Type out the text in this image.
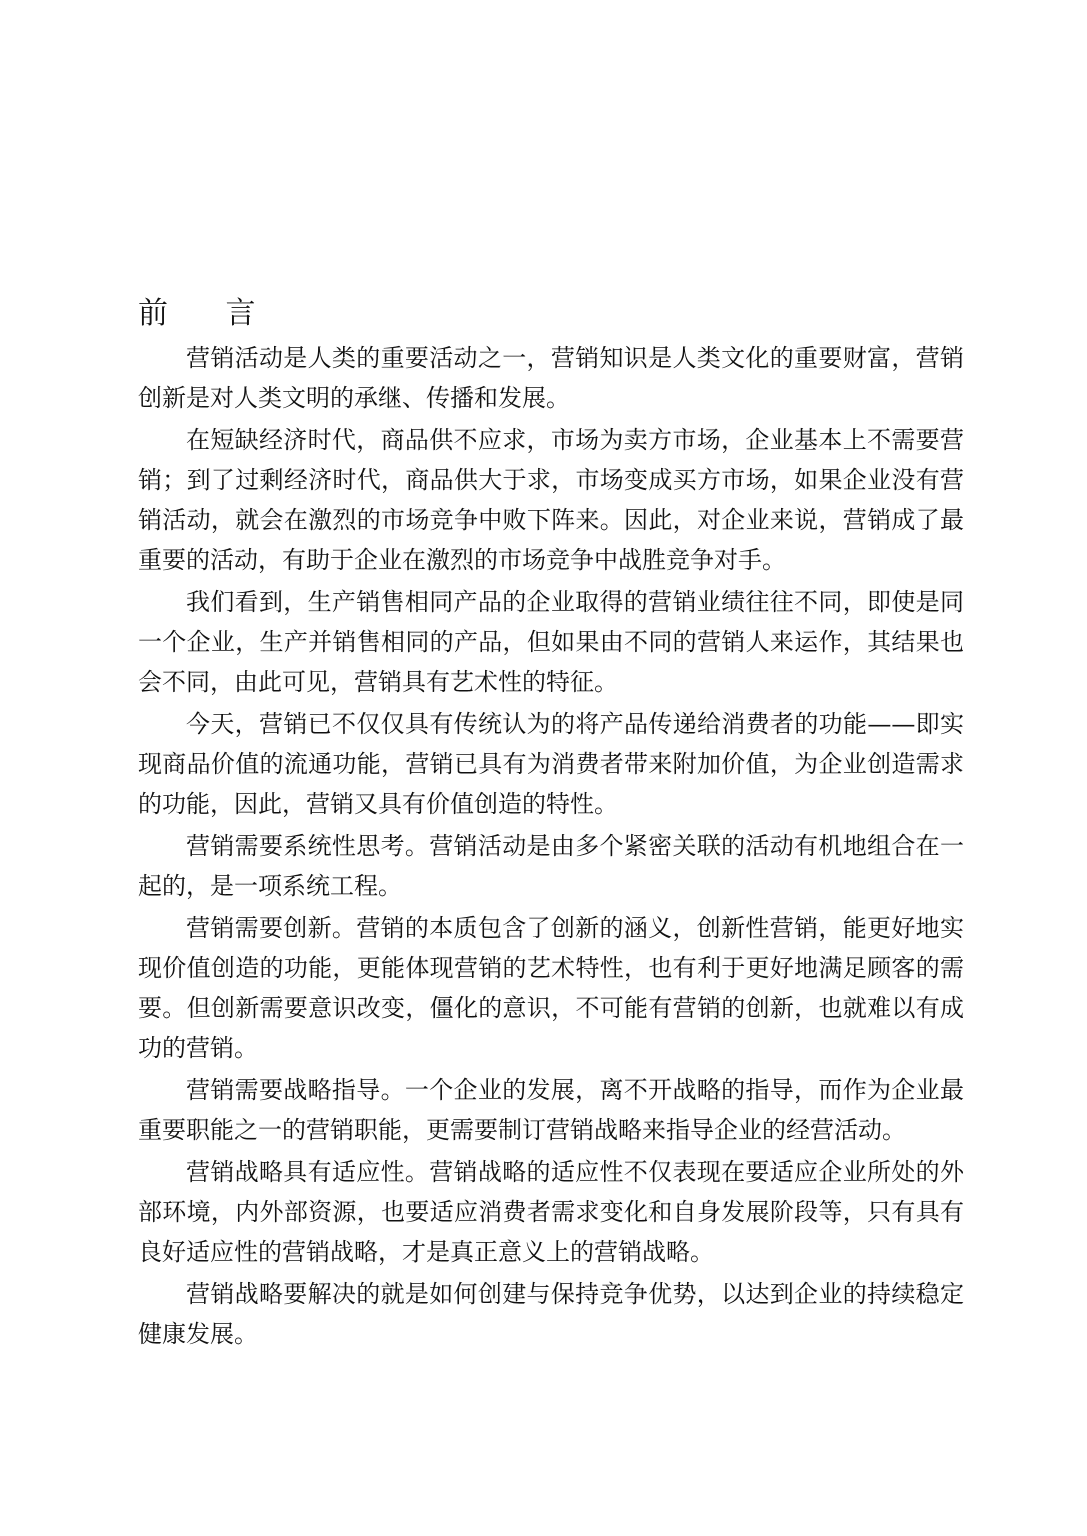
前 言

营销活动是人类的重要活动之一，营销知识是人类文化的重要财富，营销创新是对人类文明的承继、传播和发展。

在短缺经济时代，商品供不应求，市场为卖方市场，企业基本上不需要营销；到了过剩经济时代，商品供大于求，市场变成买方市场，如果企业没有营销活动，就会在激烈的市场竞争中败下阵来。因此，对企业来说，营销成了最重要的活动，有助于企业在激烈的市场竞争中战胜竞争对手。

我们看到，生产销售相同产品的企业取得的营销业绩往往不同，即使是同一个企业，生产并销售相同的产品，但如果由不同的营销人来运作，其结果也会不同，由此可见，营销具有艺术性的特征。

今天，营销已不仅仅具有传统认为的将产品传递给消费者的功能——即实现商品价值的流通功能，营销已具有为消费者带来附加价值，为企业创造需求的功能，因此，营销又具有价值创造的特性。

营销需要系统性思考。营销活动是由多个紧密关联的活动有机地组合在一起的，是一项系统工程。

营销需要创新。营销的本质包含了创新的涵义，创新性营销，能更好地实现价值创造的功能，更能体现营销的艺术特性，也有利于更好地满足顾客的需要。但创新需要意识改变，僵化的意识，不可能有营销的创新，也就难以有成功的营销。

营销需要战略指导。一个企业的发展，离不开战略的指导，而作为企业最重要职能之一的营销职能，更需要制订营销战略来指导企业的经营活动。

营销战略具有适应性。营销战略的适应性不仅表现在要适应企业所处的外部环境，内外部资源，也要适应消费者需求变化和自身发展阶段等，只有具有良好适应性的营销战略，才是真正意义上的营销战略。

营销战略要解决的就是如何创建与保持竞争优势，以达到企业的持续稳定健康发展。
